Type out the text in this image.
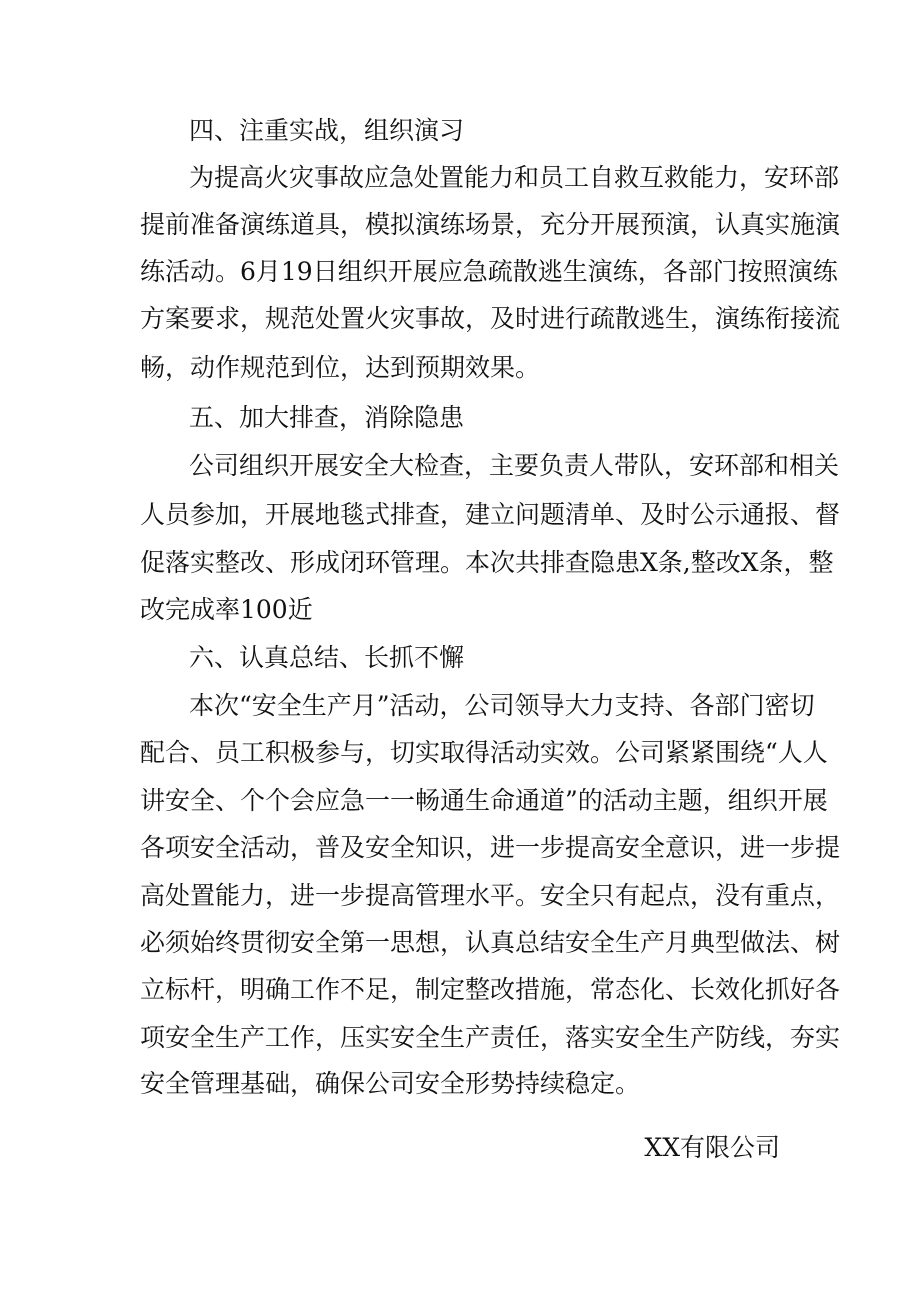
四、注重实战，组织演习
为提高火灾事故应急处置能力和员工自救互救能力，安环部
提前准备演练道具，模拟演练场景，充分开展预演，认真实施演
练活动。6月19日组织开展应急疏散逃生演练，各部门按照演练
方案要求，规范处置火灾事故，及时进行疏散逃生，演练衔接流
畅，动作规范到位，达到预期效果。
五、加大排查，消除隐患
公司组织开展安全大检查，主要负责人带队，安环部和相关
人员参加，开展地毯式排查，建立问题清单、及时公示通报、督
促落实整改、形成闭环管理。本次共排查隐患X条,整改X条，整
改完成率100近
六、认真总结、长抓不懈
本次“安全生产月”活动，公司领导大力支持、各部门密切
配合、员工积极参与，切实取得活动实效。公司紧紧围绕“人人
讲安全、个个会应急一一畅通生命通道”的活动主题，组织开展
各项安全活动，普及安全知识，进一步提高安全意识，进一步提
高处置能力，进一步提高管理水平。安全只有起点，没有重点，
必须始终贯彻安全第一思想，认真总结安全生产月典型做法、树
立标杆，明确工作不足，制定整改措施，常态化、长效化抓好各
项安全生产工作，压实安全生产责任，落实安全生产防线，夯实
安全管理基础，确保公司安全形势持续稳定。
XX有限公司
